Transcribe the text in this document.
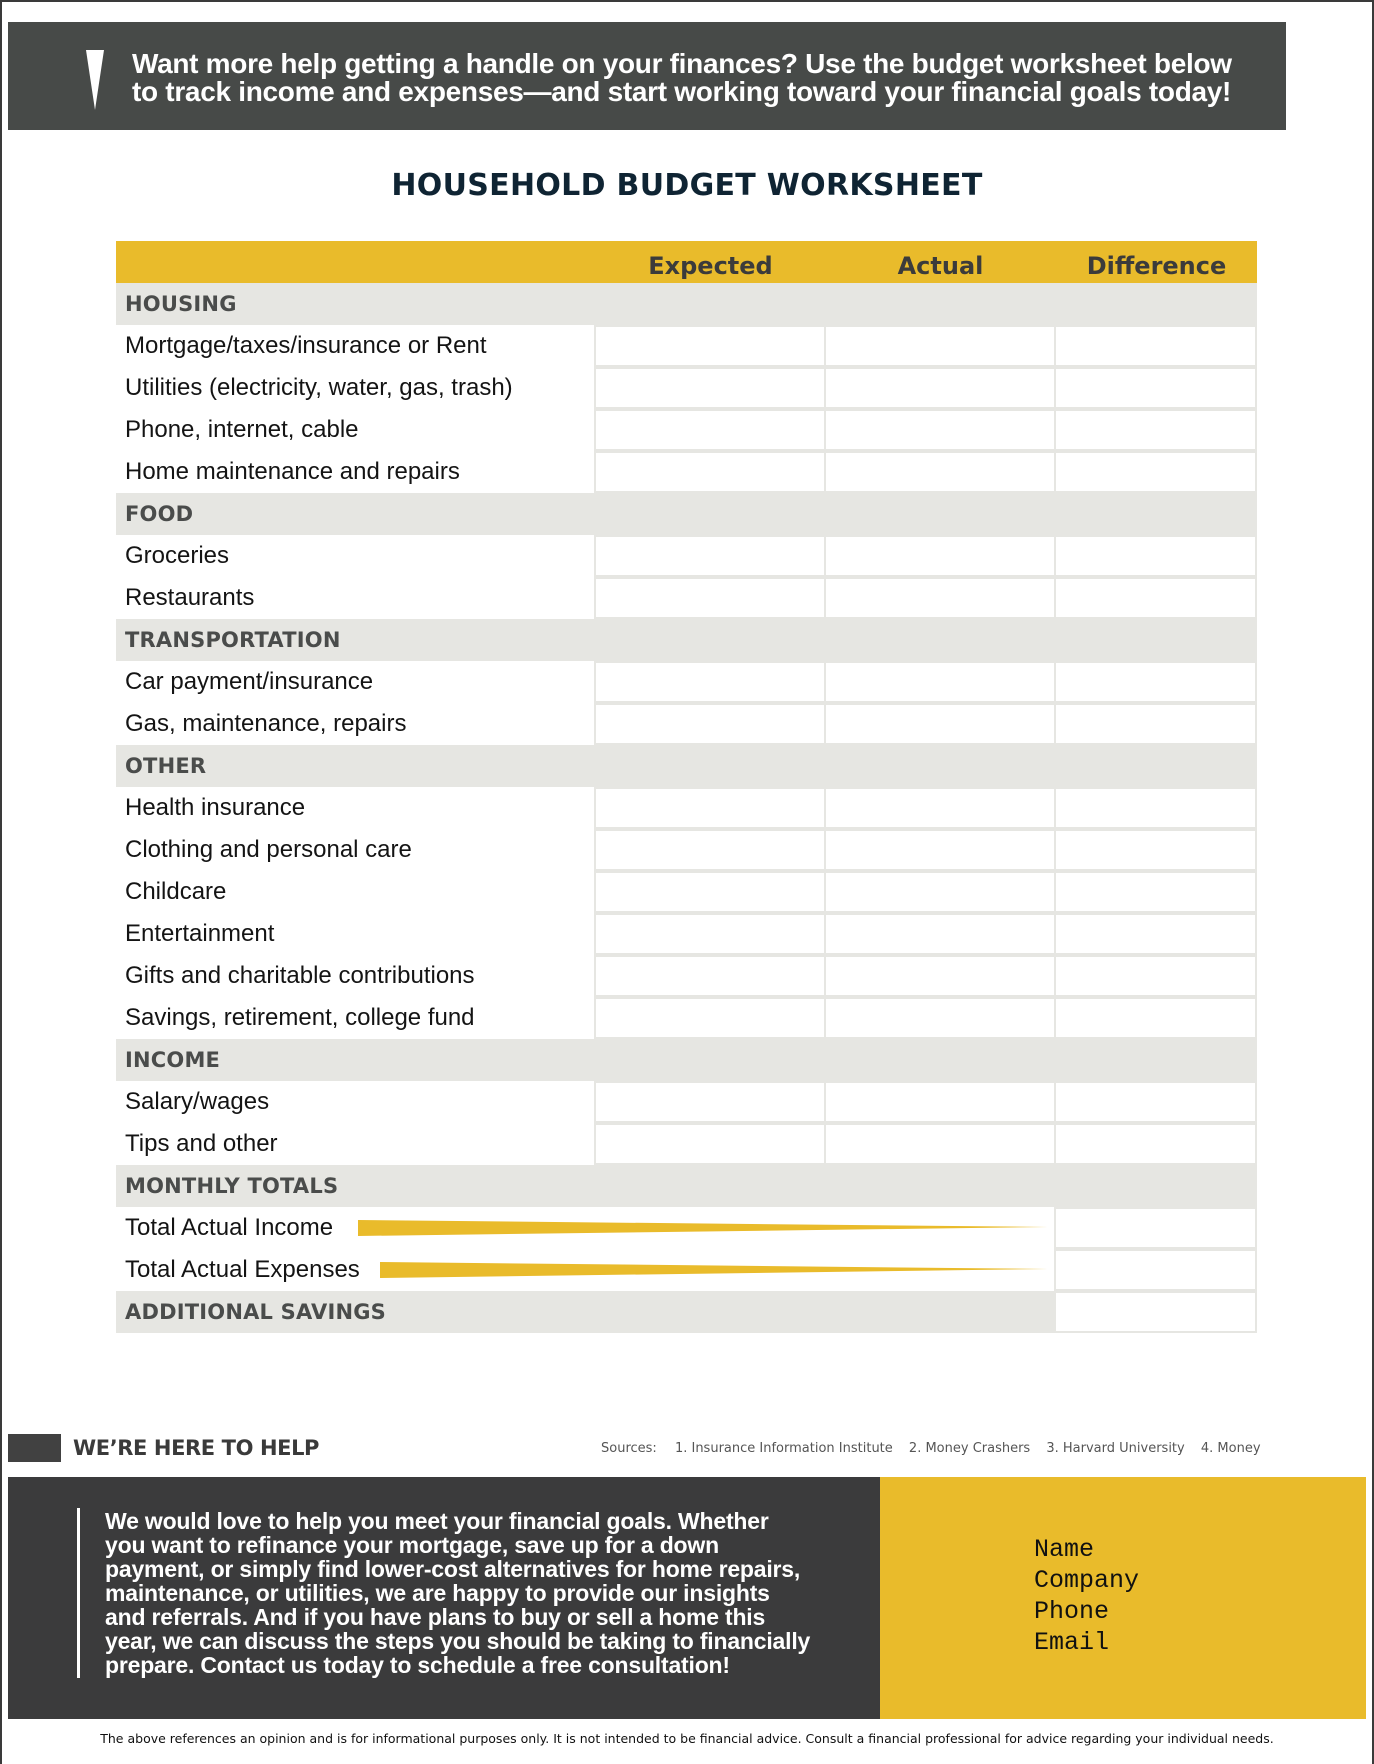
Want more help getting a handle on your finances? Use the budget worksheet below
to track income and expenses—and start working toward your financial goals today!
HOUSEHOLD BUDGET WORKSHEET
Expected	Actual	Difference
HOUSING
Mortgage/taxes/insurance or Rent
Utilities (electricity, water, gas, trash)
Phone, internet, cable
Home maintenance and repairs
FOOD
Groceries
Restaurants
TRANSPORTATION
Car payment/insurance
Gas, maintenance, repairs
OTHER
Health insurance
Clothing and personal care
Childcare
Entertainment
Gifts and charitable contributions
Savings, retirement, college fund
INCOME
Salary/wages
Tips and other
MONTHLY TOTALS
Total Actual Income
Total Actual Expenses
ADDITIONAL SAVINGS
WE’RE HERE TO HELP	Sources: 1. Insurance Information Institute 2. Money Crashers 3. Harvard University 4. Money
We would love to help you meet your financial goals. Whether
you want to refinance your mortgage, save up for a down
payment, or simply find lower-cost alternatives for home repairs,
maintenance, or utilities, we are happy to provide our insights
and referrals. And if you have plans to buy or sell a home this
year, we can discuss the steps you should be taking to financially
prepare. Contact us today to schedule a free consultation!
Name
Company
Phone
Email
The above references an opinion and is for informational purposes only. It is not intended to be financial advice. Consult a financial professional for advice regarding your individual needs.
